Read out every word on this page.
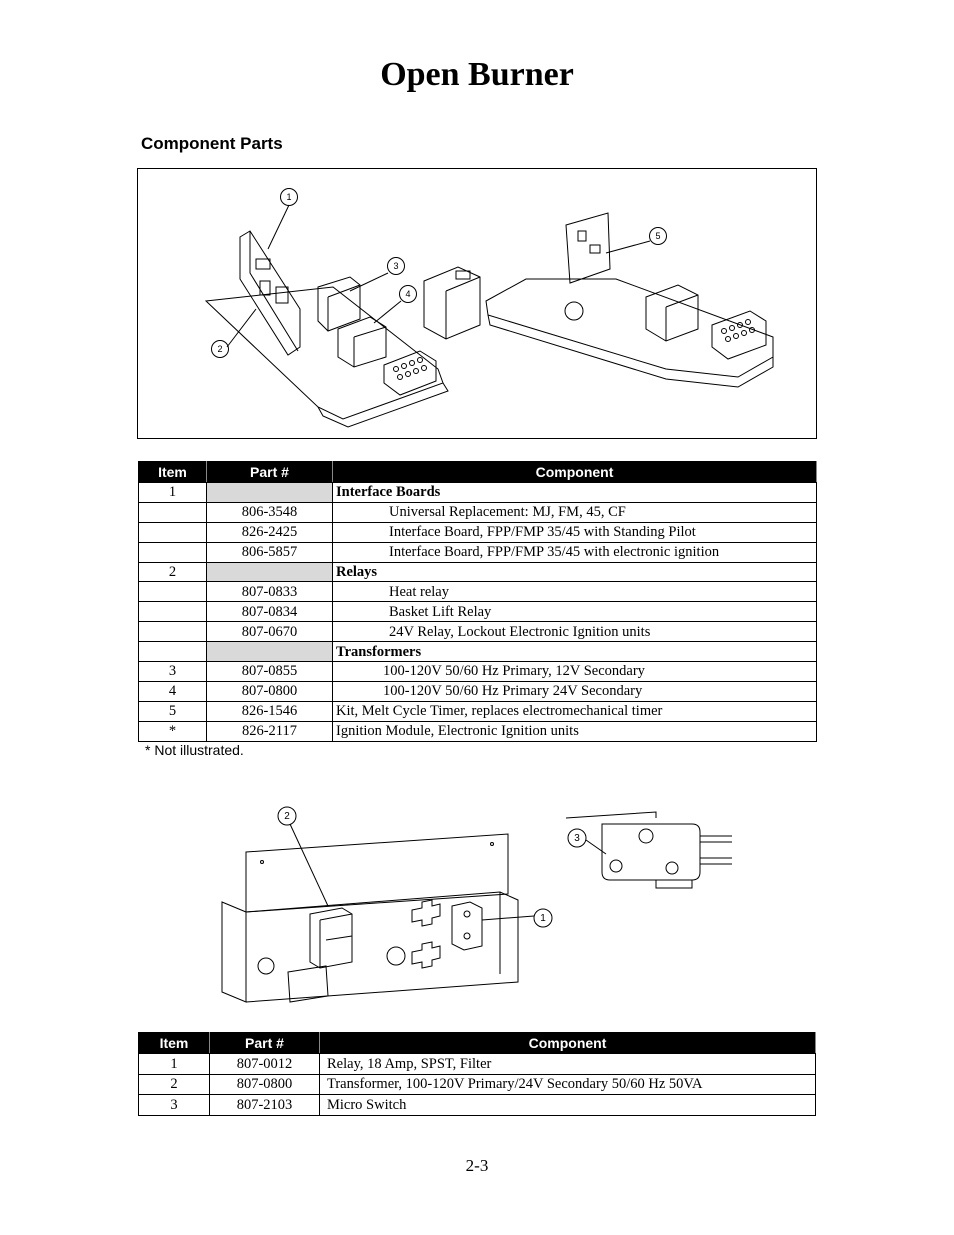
Open Burner
Component Parts
1
2
3
4
5
Item	Part #	Component
1		Interface Boards
	806-3548	Universal Replacement: MJ, FM, 45, CF
	826-2425	Interface Board, FPP/FMP 35/45 with Standing Pilot
	806-5857	Interface Board, FPP/FMP 35/45 with electronic ignition
2		Relays
	807-0833	Heat relay
	807-0834	Basket Lift Relay
	807-0670	24V Relay, Lockout Electronic Ignition units
		Transformers
3	807-0855	100-120V 50/60 Hz Primary, 12V Secondary
4	807-0800	100-120V 50/60 Hz Primary 24V Secondary
5	826-1546	Kit, Melt Cycle Timer, replaces electromechanical timer
*	826-2117	Ignition Module, Electronic Ignition units
* Not illustrated.
2
1
3
Item	Part #	Component
1	807-0012	Relay, 18 Amp, SPST, Filter
2	807-0800	Transformer, 100-120V Primary/24V Secondary 50/60 Hz 50VA
3	807-2103	Micro Switch
2-3
